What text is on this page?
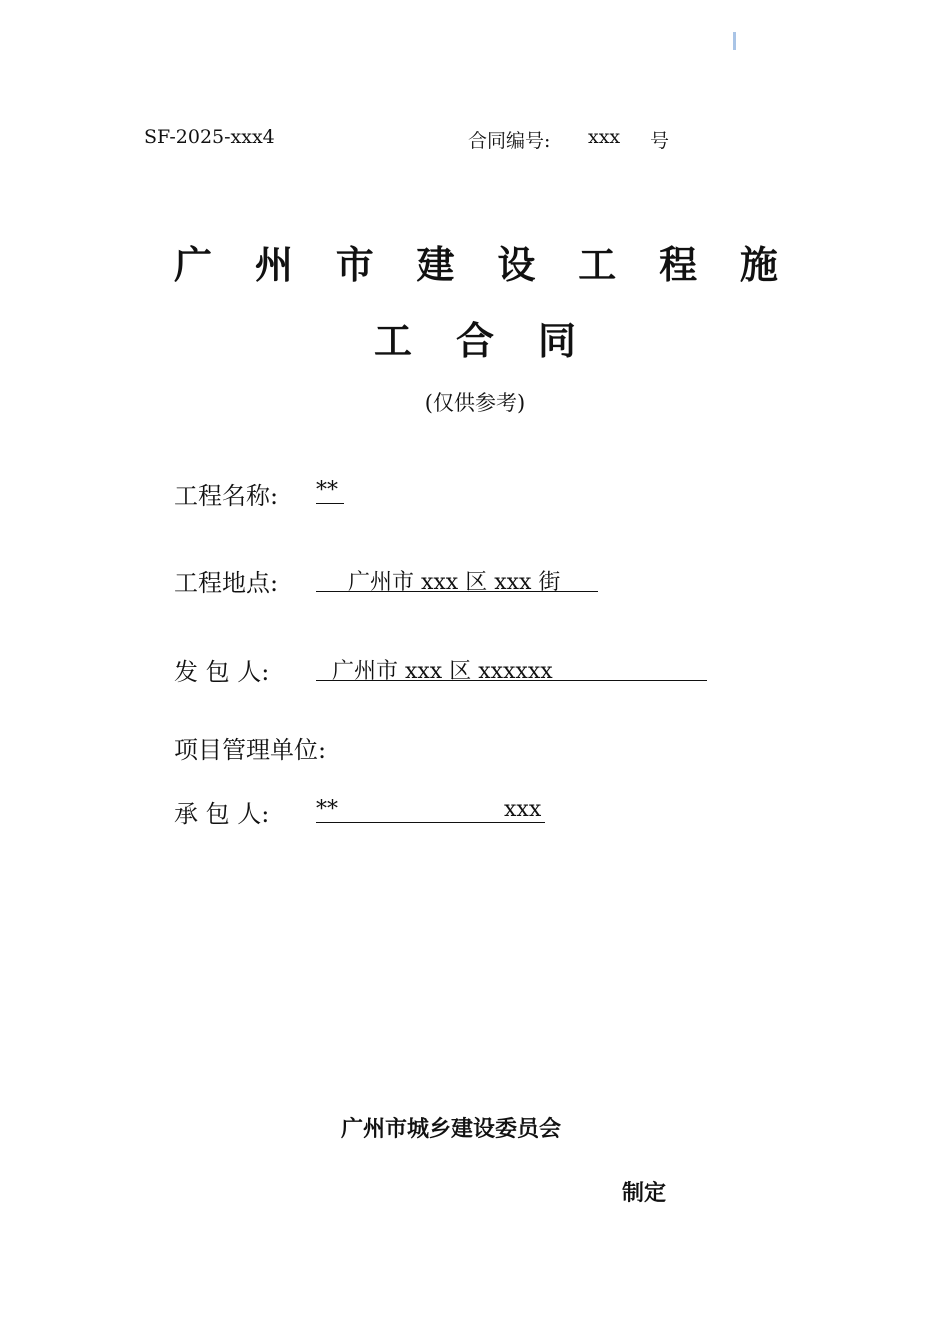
SF-2025-xxx4	合同编号: xxx 号
广 州 市 建 设 工 程 施
工 合 同
(仅供参考)
工程名称: **
工程地点:	广州市 xxx 区 xxx 街
发 包 人:	广州市 xxx 区 xxxxxx
项目管理单位:
承 包 人: **	xxx
广州市城乡建设委员会
制定
